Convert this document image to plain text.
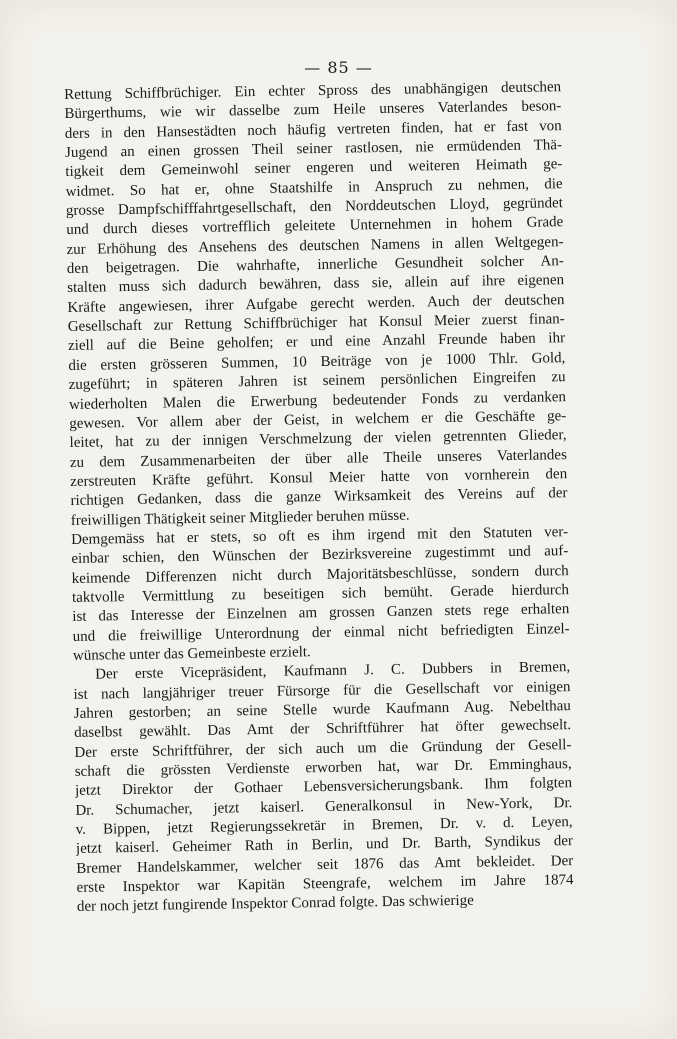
— 85 —
Rettung Schiffbrüchiger. Ein echter Spross des unabhängigen deutschen
Bürgerthums, wie wir dasselbe zum Heile unseres Vaterlandes beson-
ders in den Hansestädten noch häufig vertreten finden, hat er fast von
Jugend an einen grossen Theil seiner rastlosen, nie ermüdenden Thä-
tigkeit dem Gemeinwohl seiner engeren und weiteren Heimath ge-
widmet. So hat er, ohne Staatshilfe in Anspruch zu nehmen, die
grosse Dampfschifffahrtgesellschaft, den Norddeutschen Lloyd, gegründet
und durch dieses vortrefflich geleitete Unternehmen in hohem Grade
zur Erhöhung des Ansehens des deutschen Namens in allen Weltgegen-
den beigetragen. Die wahrhafte, innerliche Gesundheit solcher An-
stalten muss sich dadurch bewähren, dass sie, allein auf ihre eigenen
Kräfte angewiesen, ihrer Aufgabe gerecht werden. Auch der deutschen
Gesellschaft zur Rettung Schiffbrüchiger hat Konsul Meier zuerst finan-
ziell auf die Beine geholfen; er und eine Anzahl Freunde haben ihr
die ersten grösseren Summen, 10 Beiträge von je 1000 Thlr. Gold,
zugeführt; in späteren Jahren ist seinem persönlichen Eingreifen zu
wiederholten Malen die Erwerbung bedeutender Fonds zu verdanken
gewesen. Vor allem aber der Geist, in welchem er die Geschäfte ge-
leitet, hat zu der innigen Verschmelzung der vielen getrennten Glieder,
zu dem Zusammenarbeiten der über alle Theile unseres Vaterlandes
zerstreuten Kräfte geführt. Konsul Meier hatte von vornherein den
richtigen Gedanken, dass die ganze Wirksamkeit des Vereins auf der
freiwilligen Thätigkeit seiner Mitglieder beruhen müsse.
Demgemäss hat er stets, so oft es ihm irgend mit den Statuten ver-
einbar schien, den Wünschen der Bezirksvereine zugestimmt und auf-
keimende Differenzen nicht durch Majoritätsbeschlüsse, sondern durch
taktvolle Vermittlung zu beseitigen sich bemüht. Gerade hierdurch
ist das Interesse der Einzelnen am grossen Ganzen stets rege erhalten
und die freiwillige Unterordnung der einmal nicht befriedigten Einzel-
wünsche unter das Gemeinbeste erzielt.
Der erste Vicepräsident, Kaufmann J. C. Dubbers in Bremen,
ist nach langjähriger treuer Fürsorge für die Gesellschaft vor einigen
Jahren gestorben; an seine Stelle wurde Kaufmann Aug. Nebelthau
daselbst gewählt. Das Amt der Schriftführer hat öfter gewechselt.
Der erste Schriftführer, der sich auch um die Gründung der Gesell-
schaft die grössten Verdienste erworben hat, war Dr. Emminghaus,
jetzt Direktor der Gothaer Lebensversicherungsbank. Ihm folgten
Dr. Schumacher, jetzt kaiserl. Generalkonsul in New-York, Dr.
v. Bippen, jetzt Regierungssekretär in Bremen, Dr. v. d. Leyen,
jetzt kaiserl. Geheimer Rath in Berlin, und Dr. Barth, Syndikus der
Bremer Handelskammer, welcher seit 1876 das Amt bekleidet. Der
erste Inspektor war Kapitän Steengrafe, welchem im Jahre 1874
der noch jetzt fungirende Inspektor Conrad folgte. Das schwierige
